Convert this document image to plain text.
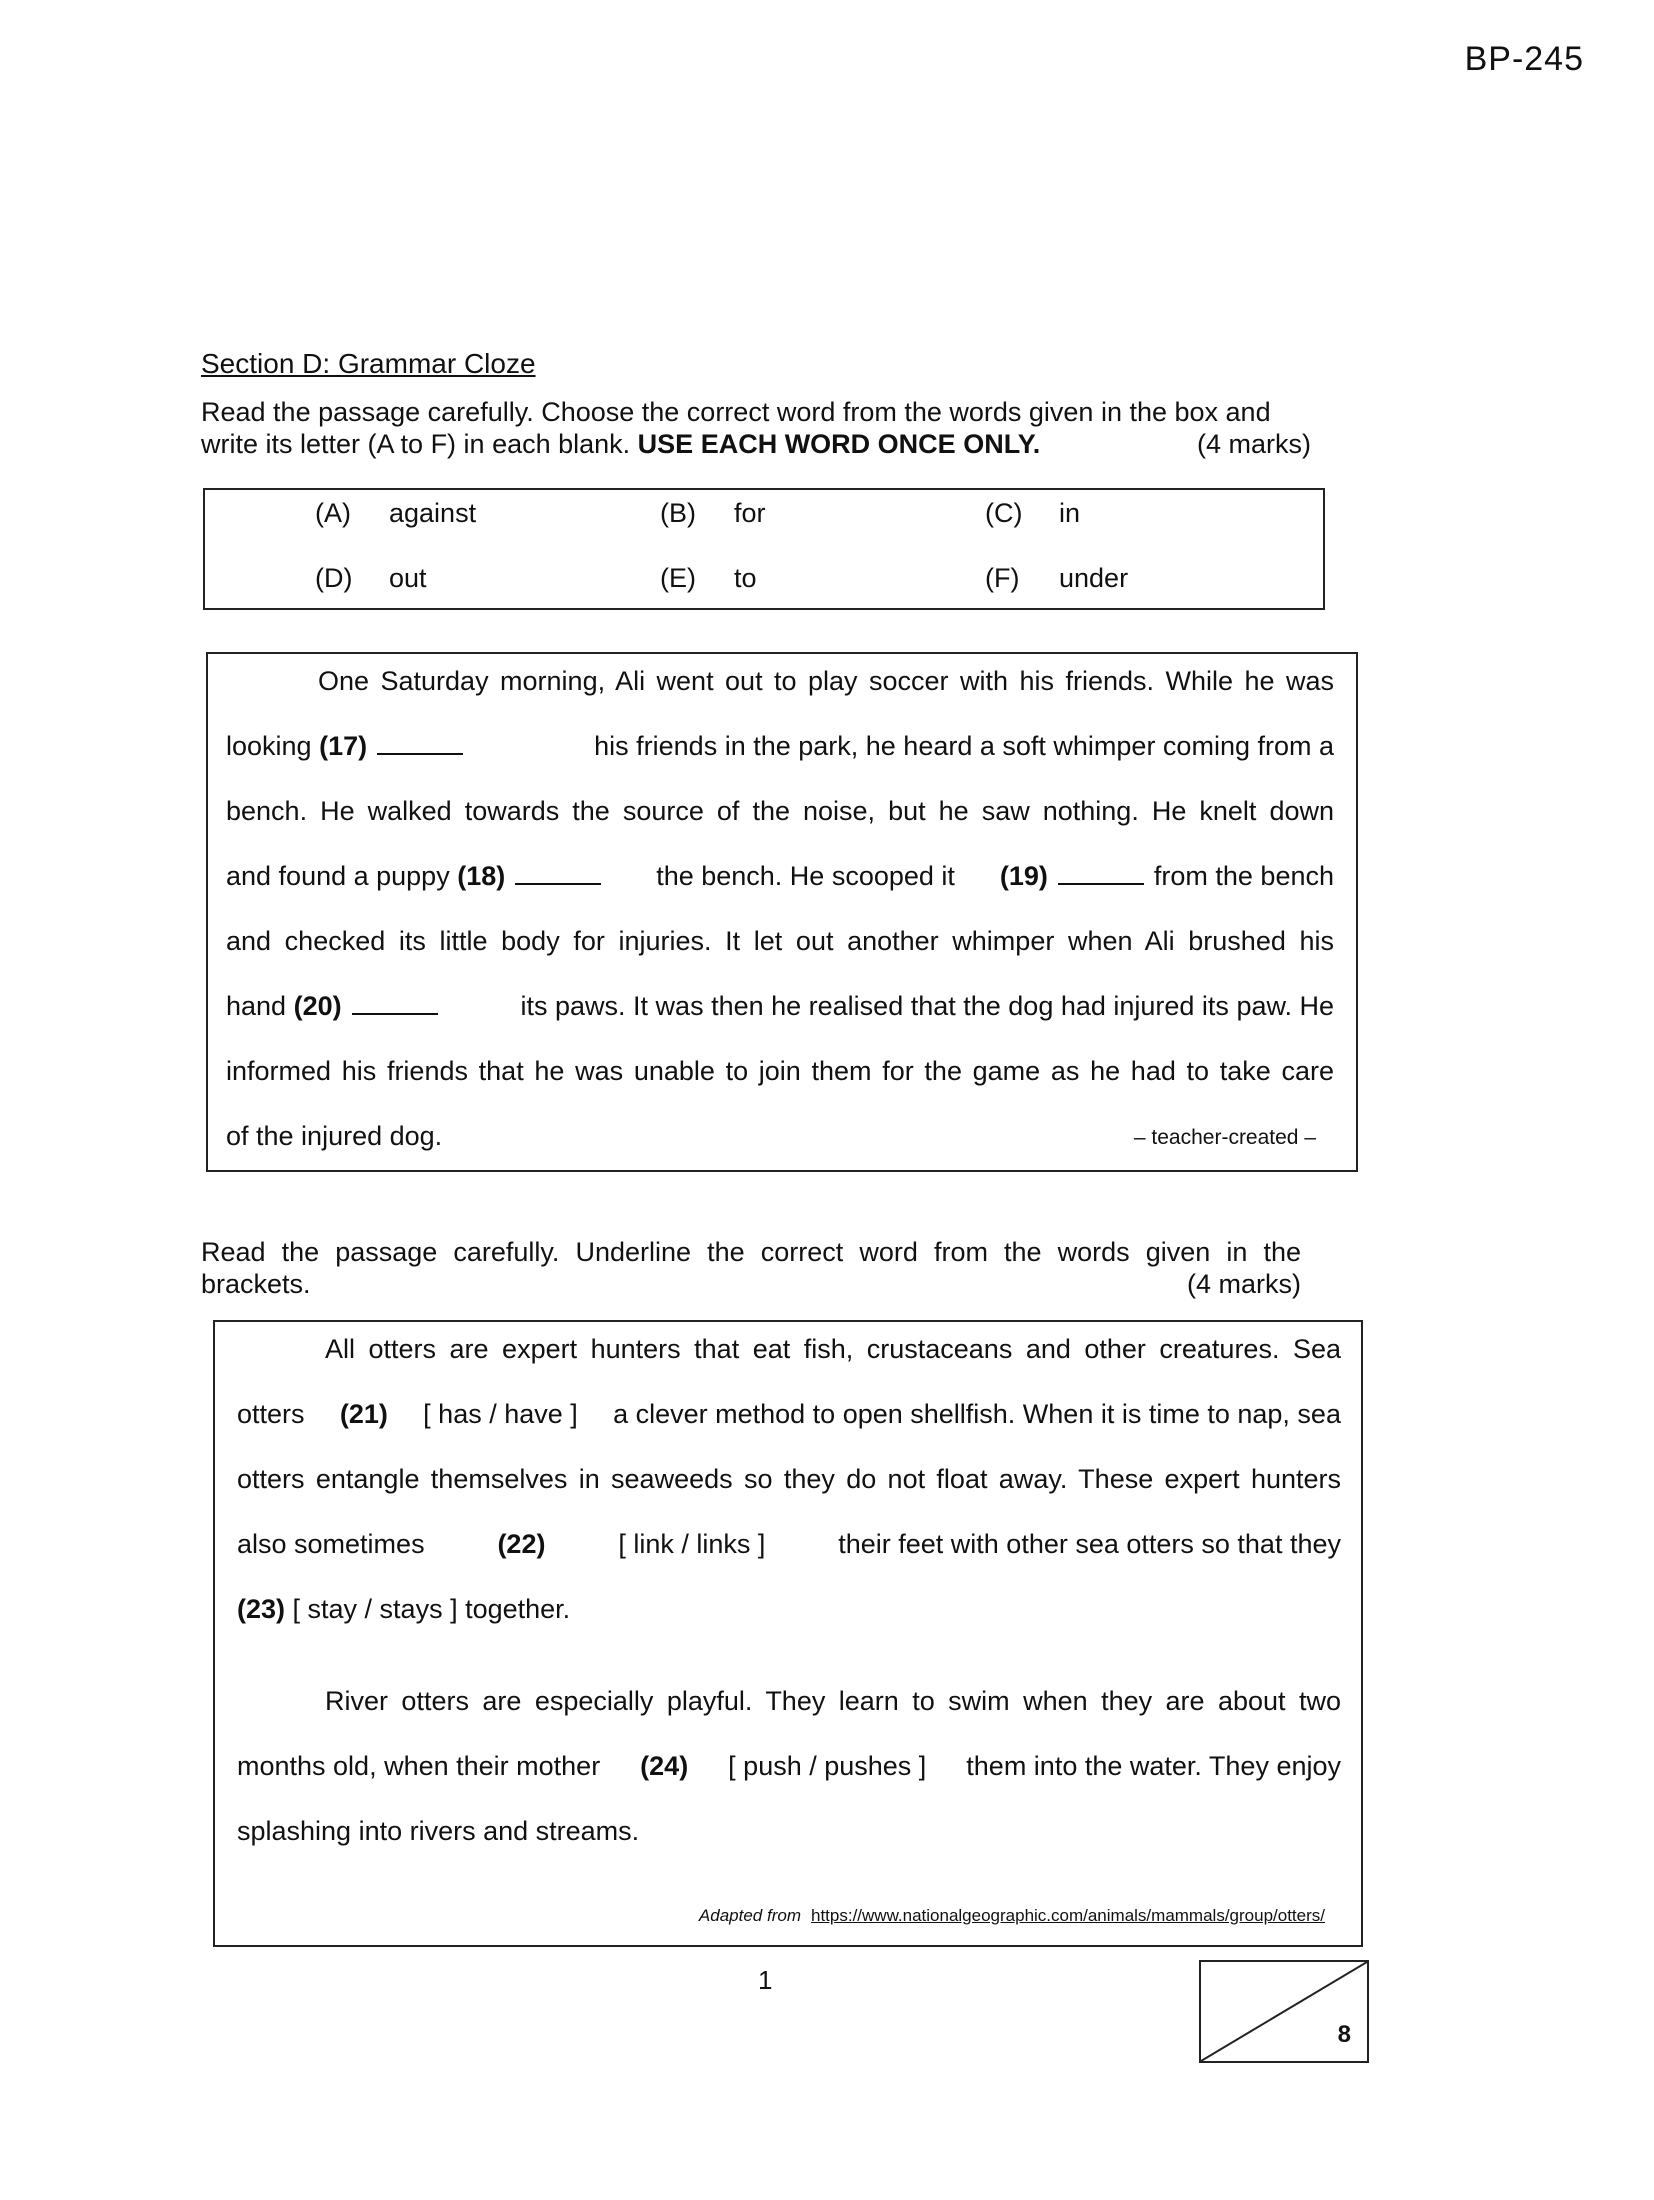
BP-245
Section D: Grammar Cloze
Read the passage carefully. Choose the correct word from the words given in the box and write its letter (A to F) in each blank. USE EACH WORD ONCE ONLY.	(4 marks)
(A) against	(B) for	(C) in
(D) out	(E) to	(F) under
One Saturday morning, Ali went out to play soccer with his friends. While he was
looking (17)	his friends in the park, he heard a soft whimper coming from a
bench. He walked towards the source of the noise, but he saw nothing. He knelt down
and found a puppy (18)	the bench. He scooped it (19)	from the bench
and checked its little body for injuries. It let out another whimper when Ali brushed his
hand (20)	its paws. It was then he realised that the dog had injured its paw. He
informed his friends that he was unable to join them for the game as he had to take care
of the injured dog.	– teacher-created –
Read the passage carefully. Underline the correct word from the words given in the
brackets.	(4 marks)
All otters are expert hunters that eat fish, crustaceans and other creatures. Sea
otters (21) [ has / have ] a clever method to open shellfish. When it is time to nap, sea
otters entangle themselves in seaweeds so they do not float away. These expert hunters
also sometimes	(22)	[ link / links ]	their feet with other sea otters so that they
(23) [ stay / stays ] together.
River otters are especially playful. They learn to swim when they are about two
months old, when their mother (24) [ push / pushes ] them into the water. They enjoy
splashing into rivers and streams.
Adapted from https://www.nationalgeographic.com/animals/mammals/group/otters/
1
8
